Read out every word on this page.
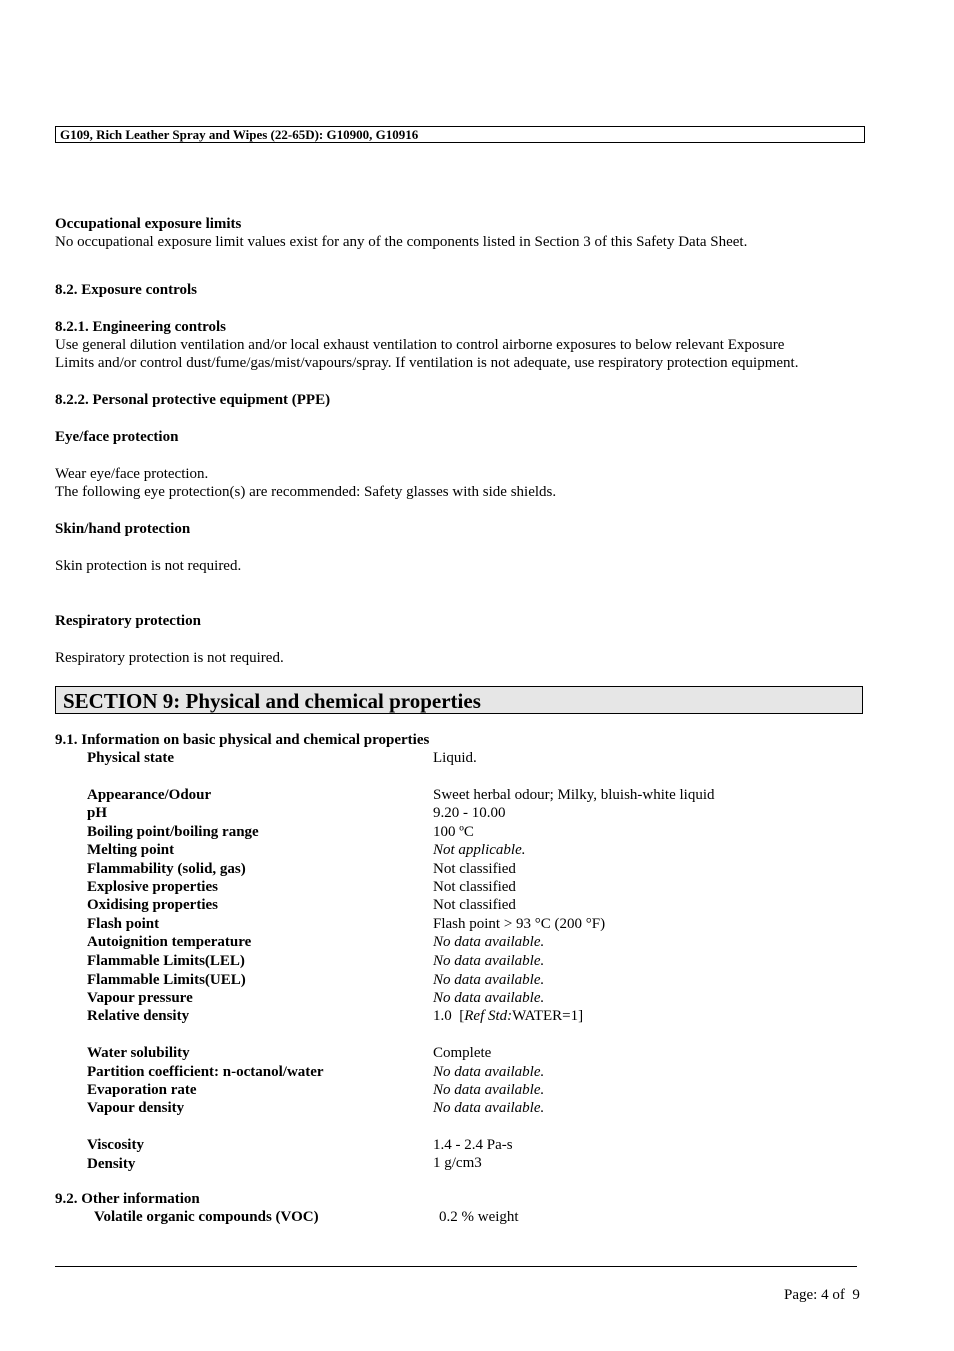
G109, Rich Leather Spray and Wipes (22-65D): G10900, G10916
Occupational exposure limits
No occupational exposure limit values exist for any of the components listed in Section 3 of this Safety Data Sheet.
8.2. Exposure controls
8.2.1. Engineering controls
Use general dilution ventilation and/or local exhaust ventilation to control airborne exposures to below relevant Exposure
Limits and/or control dust/fume/gas/mist/vapours/spray. If ventilation is not adequate, use respiratory protection equipment.
8.2.2. Personal protective equipment (PPE)
Eye/face protection
Wear eye/face protection.
The following eye protection(s) are recommended: Safety glasses with side shields.
Skin/hand protection
Skin protection is not required.
Respiratory protection
Respiratory protection is not required.
SECTION 9: Physical and chemical properties
9.1. Information on basic physical and chemical properties
Physical state	Liquid.
Appearance/Odour	Sweet herbal odour; Milky, bluish-white liquid
pH	9.20 - 10.00
Boiling point/boiling range	100 ºC
Melting point	Not applicable.
Flammability (solid, gas)	Not classified
Explosive properties	Not classified
Oxidising properties	Not classified
Flash point	Flash point > 93 °C (200 °F)
Autoignition temperature	No data available.
Flammable Limits(LEL)	No data available.
Flammable Limits(UEL)	No data available.
Vapour pressure	No data available.
Relative density	1.0  [Ref Std:WATER=1]
Water solubility	Complete
Partition coefficient: n-octanol/water	No data available.
Evaporation rate	No data available.
Vapour density	No data available.
Viscosity	1.4 - 2.4 Pa-s
Density	1 g/cm3
9.2. Other information
Volatile organic compounds (VOC)	0.2 % weight
Page: 4 of  9
